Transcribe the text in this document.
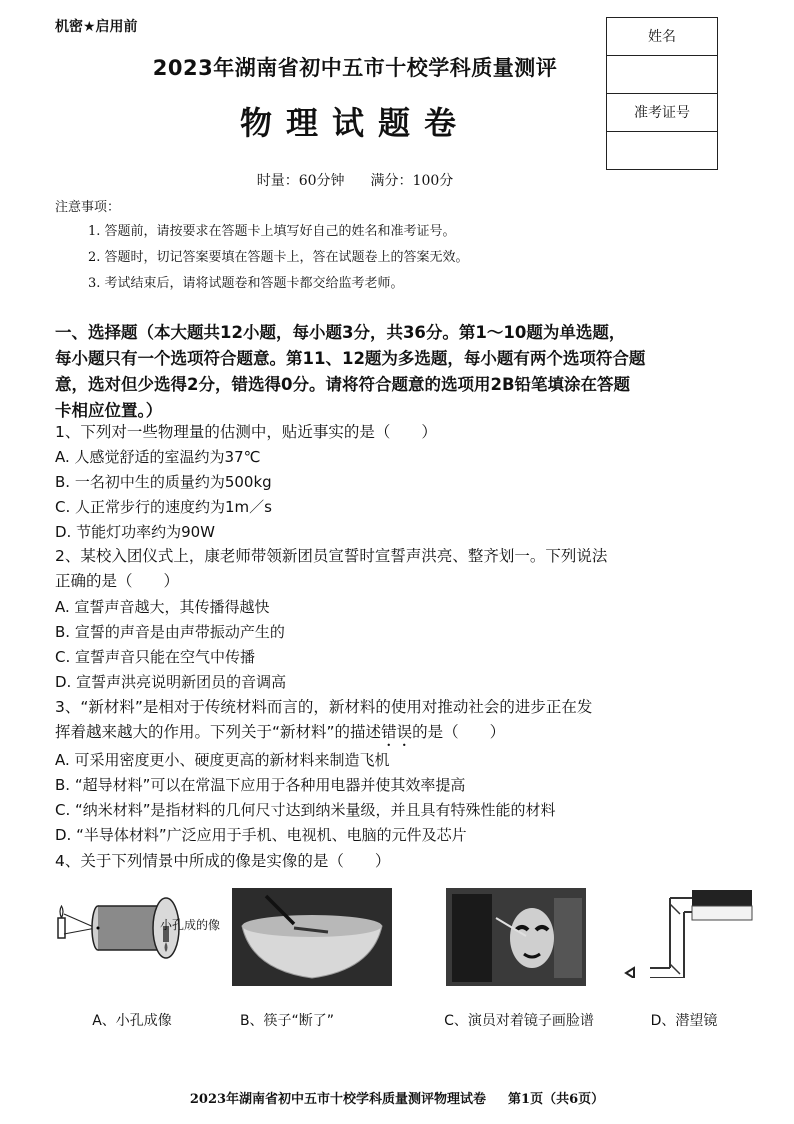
机密★启用前
2023年湖南省初中五市十校学科质量测评
物理试题卷
时量：60分钟 满分：100分
姓名
准考证号
注意事项：
1. 答题前，请按要求在答题卡上填写好自己的姓名和准考证号。
2. 答题时，切记答案要填在答题卡上，答在试题卷上的答案无效。
3. 考试结束后，请将试题卷和答题卡都交给监考老师。
一、选择题（本大题共12小题，每小题3分，共36分。第1～10题为单选题，
每小题只有一个选项符合题意。第11、12题为多选题，每小题有两个选项符合题
意，选对但少选得2分，错选得0分。请将符合题意的选项用2B铅笔填涂在答题
卡相应位置。）
1、下列对一些物理量的估测中，贴近事实的是（　　）
A. 人感觉舒适的室温约为37℃
B. 一名初中生的质量约为500kg
C. 人正常步行的速度约为1m／s
D. 节能灯功率约为90W
2、某校入团仪式上，康老师带领新团员宣誓时宣誓声洪亮、整齐划一。下列说法
正确的是（　　）
A. 宣誓声音越大，其传播得越快
B. 宣誓的声音是由声带振动产生的
C. 宣誓声音只能在空气中传播
D. 宣誓声洪亮说明新团员的音调高
3、“新材料”是相对于传统材料而言的，新材料的使用对推动社会的进步正在发
挥着越来越大的作用。下列关于“新材料”的描述错误的是（　　）
A. 可采用密度更小、硬度更高的新材料来制造飞机
B. “超导材料”可以在常温下应用于各种用电器并使其效率提高
C. “纳米材料”是指材料的几何尺寸达到纳米量级，并且具有特殊性能的材料
D. “半导体材料”广泛应用于手机、电视机、电脑的元件及芯片
4、关于下列情景中所成的像是实像的是（　　）
小孔成的像
A、小孔成像	B、筷子“断了”	C、演员对着镜子画脸谱	D、潜望镜
2023年湖南省初中五市十校学科质量测评物理试卷 第1页（共6页）
